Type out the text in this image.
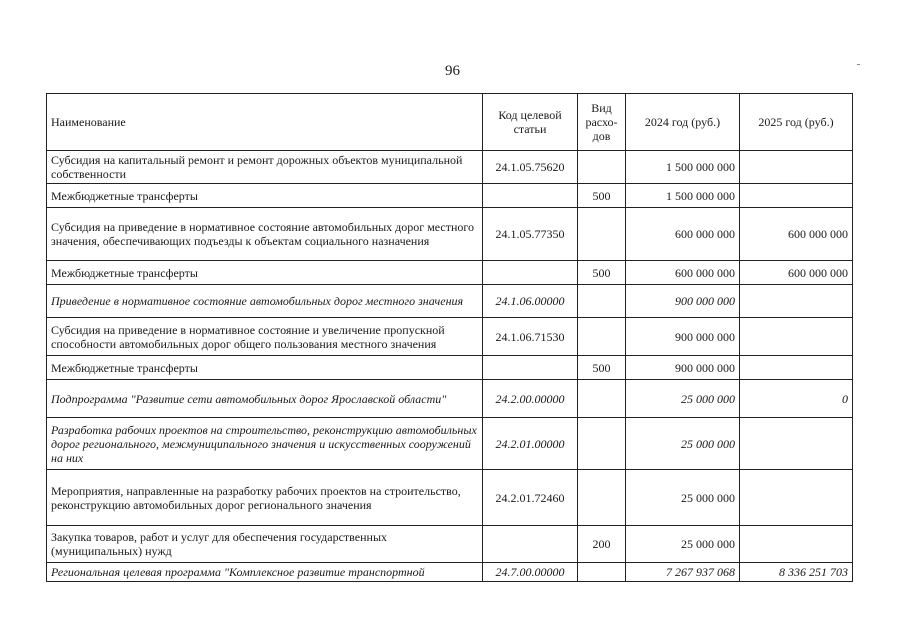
96
Наименование	Код целевой статьи	Вид расхо-дов	2024 год (руб.)	2025 год (руб.)
Субсидия на капитальный ремонт и ремонт дорожных объектов муниципальной собственности	24.1.05.75620		1 500 000 000	
Межбюджетные трансферты		500	1 500 000 000	
Субсидия на приведение в нормативное состояние автомобильных дорог местного значения, обеспечивающих подъезды к объектам социального назначения	24.1.05.77350		600 000 000	600 000 000
Межбюджетные трансферты		500	600 000 000	600 000 000
Приведение в нормативное состояние автомобильных дорог местного значения	24.1.06.00000		900 000 000	
Субсидия на приведение в нормативное состояние и увеличение пропускной способности автомобильных дорог общего пользования местного значения	24.1.06.71530		900 000 000	
Межбюджетные трансферты		500	900 000 000	
Подпрограмма "Развитие сети автомобильных дорог Ярославской области"	24.2.00.00000		25 000 000	0
Разработка рабочих проектов на строительство, реконструкцию автомобильных дорог регионального, межмуниципального значения и искусственных сооружений на них	24.2.01.00000		25 000 000	
Мероприятия, направленные на разработку рабочих проектов на строительство, реконструкцию автомобильных дорог регионального значения	24.2.01.72460		25 000 000	
Закупка товаров, работ и услуг для обеспечения государственных (муниципальных) нужд		200	25 000 000	
Региональная целевая программа "Комплексное развитие транспортной	24.7.00.00000		7 267 937 068	8 336 251 703
